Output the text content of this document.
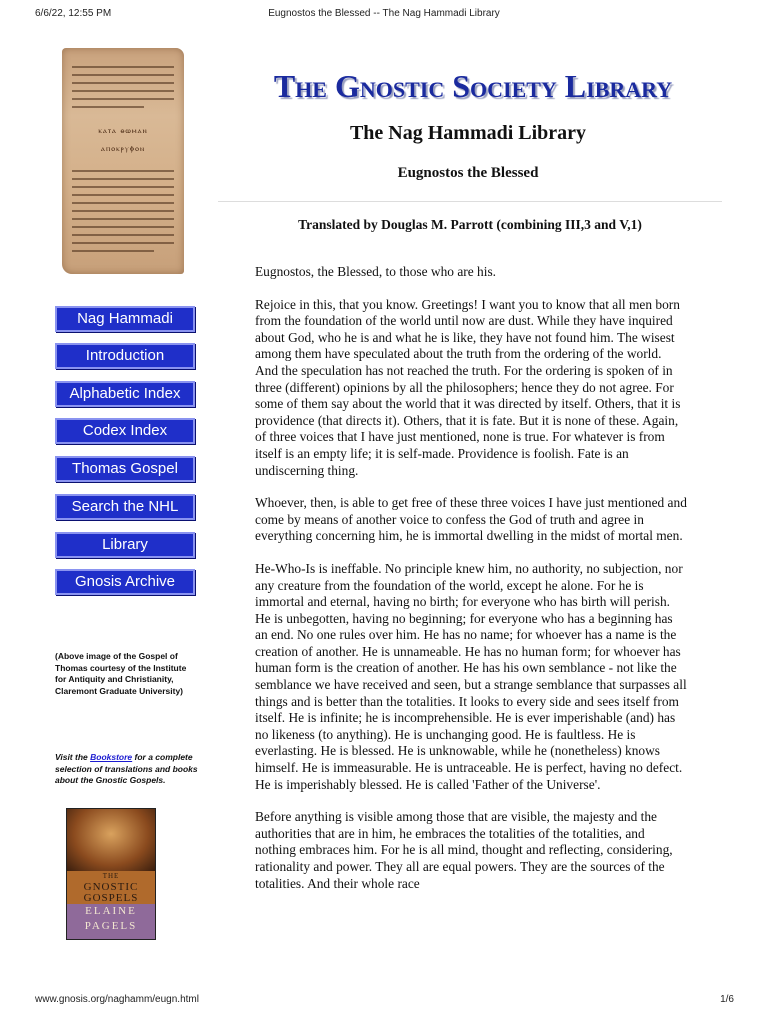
6/6/22, 12:55 PM	Eugnostos the Blessed -- The Nag Hammadi Library
ⲕⲁⲧⲁ ⲑⲱⲙⲁⲛ
ⲁⲡⲟⲕⲣⲩⲫⲟⲛ
Nag Hammadi
Introduction
Alphabetic Index
Codex Index
Thomas Gospel
Search the NHL
Library
Gnosis Archive
(Above image of the Gospel of Thomas courtesy of the Institute for Antiquity and Christianity, Claremont Graduate University)
Visit the Bookstore for a complete selection of translations and books about the Gnostic Gospels.
THE
GNOSTIC
GOSPELS
ELAINE
PAGELS
The Gnostic Society Library
The Nag Hammadi Library
Eugnostos the Blessed
Translated by Douglas M. Parrott (combining III,3 and V,1)

Eugnostos, the Blessed, to those who are his.

Rejoice in this, that you know. Greetings! I want you to know that all men born from the foundation of the world until now are dust. While they have inquired about God, who he is and what he is like, they have not found him. The wisest among them have speculated about the truth from the ordering of the world. And the speculation has not reached the truth. For the ordering is spoken of in three (different) opinions by all the philosophers; hence they do not agree. For some of them say about the world that it was directed by itself. Others, that it is providence (that directs it). Others, that it is fate. But it is none of these. Again, of three voices that I have just mentioned, none is true. For whatever is from itself is an empty life; it is self-made. Providence is foolish. Fate is an undiscerning thing.

Whoever, then, is able to get free of these three voices I have just mentioned and come by means of another voice to confess the God of truth and agree in everything concerning him, he is immortal dwelling in the midst of mortal men.

He-Who-Is is ineffable. No principle knew him, no authority, no subjection, nor any creature from the foundation of the world, except he alone. For he is immortal and eternal, having no birth; for everyone who has birth will perish. He is unbegotten, having no beginning; for everyone who has a beginning has an end. No one rules over him. He has no name; for whoever has a name is the creation of another. He is unnameable. He has no human form; for whoever has human form is the creation of another. He has his own semblance - not like the semblance we have received and seen, but a strange semblance that surpasses all things and is better than the totalities. It looks to every side and sees itself from itself. He is infinite; he is incomprehensible. He is ever imperishable (and) has no likeness (to anything). He is unchanging good. He is faultless. He is everlasting. He is blessed. He is unknowable, while he (nonetheless) knows himself. He is immeasurable. He is untraceable. He is perfect, having no defect. He is imperishably blessed. He is called 'Father of the Universe'.

Before anything is visible among those that are visible, the majesty and the authorities that are in him, he embraces the totalities of the totalities, and nothing embraces him. For he is all mind, thought and reflecting, considering, rationality and power. They all are equal powers. They are the sources of the totalities. And their whole race

www.gnosis.org/naghamm/eugn.html	1/6
